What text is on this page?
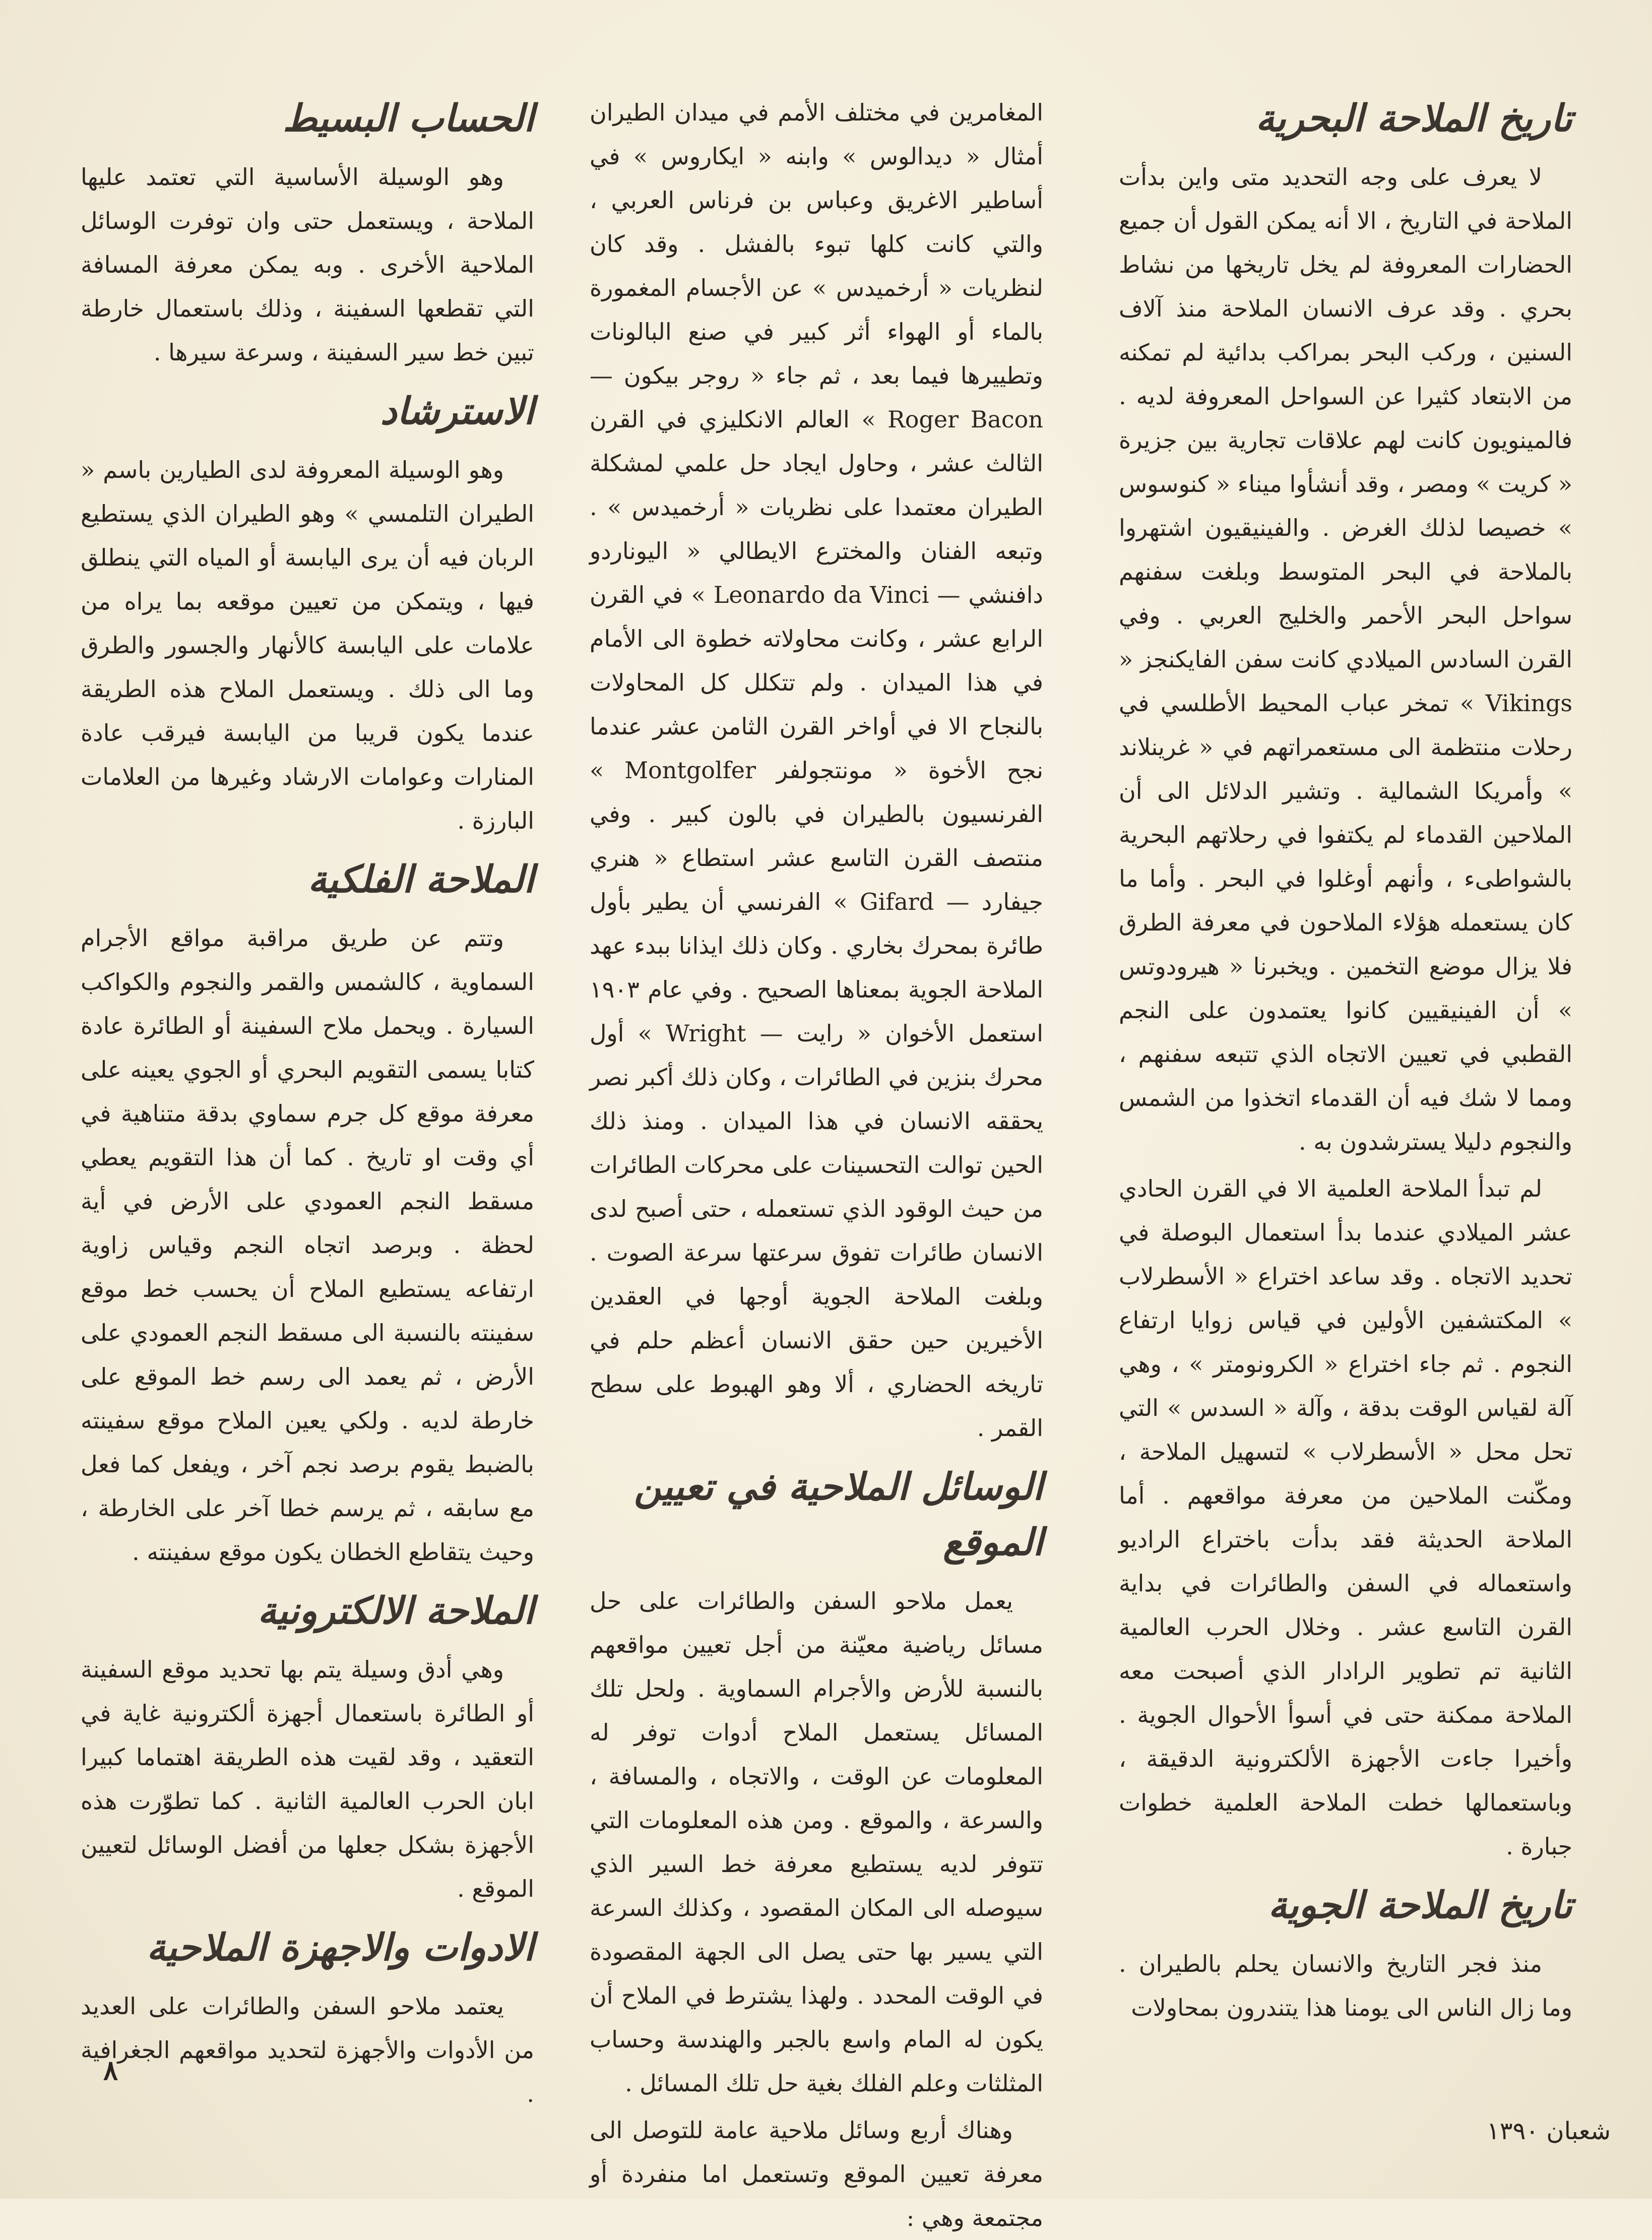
تاريخ الملاحة البحرية

لا يعرف على وجه التحديد متى واين بدأت الملاحة في التاريخ ، الا أنه يمكن القول أن جميع الحضارات المعروفة لم يخل تاريخها من نشاط بحري . وقد عرف الانسان الملاحة منذ آلاف السنين ، وركب البحر بمراكب بدائية لم تمكنه من الابتعاد كثيرا عن السواحل المعروفة لديه . فالمينويون كانت لهم علاقات تجارية بين جزيرة « كريت » ومصر ، وقد أنشأوا ميناء « كنوسوس » خصيصا لذلك الغرض . والفينيقيون اشتهروا بالملاحة في البحر المتوسط وبلغت سفنهم سواحل البحر الأحمر والخليج العربي . وفي القرن السادس الميلادي كانت سفن الفايكنجز « Vikings » تمخر عباب المحيط الأطلسي في رحلات منتظمة الى مستعمراتهم في « غرينلاند » وأمريكا الشمالية . وتشير الدلائل الى أن الملاحين القدماء لم يكتفوا في رحلاتهم البحرية بالشواطىء ، وأنهم أوغلوا في البحر . وأما ما كان يستعمله هؤلاء الملاحون في معرفة الطرق فلا يزال موضع التخمين . ويخبرنا « هيرودوتس » أن الفينيقيين كانوا يعتمدون على النجم القطبي في تعيين الاتجاه الذي تتبعه سفنهم ، ومما لا شك فيه أن القدماء اتخذوا من الشمس والنجوم دليلا يسترشدون به .

لم تبدأ الملاحة العلمية الا في القرن الحادي عشر الميلادي عندما بدأ استعمال البوصلة في تحديد الاتجاه . وقد ساعد اختراع « الأسطرلاب » المكتشفين الأولين في قياس زوايا ارتفاع النجوم . ثم جاء اختراع « الكرونومتر » ، وهي آلة لقياس الوقت بدقة ، وآلة « السدس » التي تحل محل « الأسطرلاب » لتسهيل الملاحة ، ومكّنت الملاحين من معرفة مواقعهم . أما الملاحة الحديثة فقد بدأت باختراع الراديو واستعماله في السفن والطائرات في بداية القرن التاسع عشر . وخلال الحرب العالمية الثانية تم تطوير الرادار الذي أصبحت معه الملاحة ممكنة حتى في أسوأ الأحوال الجوية . وأخيرا جاءت الأجهزة الألكترونية الدقيقة ، وباستعمالها خطت الملاحة العلمية خطوات جبارة .

تاريخ الملاحة الجوية

منذ فجر التاريخ والانسان يحلم بالطيران . وما زال الناس الى يومنا هذا يتندرون بمحاولات

المغامرين في مختلف الأمم في ميدان الطيران أمثال « ديدالوس » وابنه « ايكاروس » في أساطير الاغريق وعباس بن فرناس العربي ، والتي كانت كلها تبوء بالفشل . وقد كان لنظريات « أرخميدس » عن الأجسام المغمورة بالماء أو الهواء أثر كبير في صنع البالونات وتطييرها فيما بعد ، ثم جاء « روجر بيكون — Roger Bacon » العالم الانكليزي في القرن الثالث عشر ، وحاول ايجاد حل علمي لمشكلة الطيران معتمدا على نظريات « أرخميدس » . وتبعه الفنان والمخترع الايطالي « اليوناردو دافنشي — Leonardo da Vinci » في القرن الرابع عشر ، وكانت محاولاته خطوة الى الأمام في هذا الميدان . ولم تتكلل كل المحاولات بالنجاح الا في أواخر القرن الثامن عشر عندما نجح الأخوة « مونتجولفر Montgolfer » الفرنسيون بالطيران في بالون كبير . وفي منتصف القرن التاسع عشر استطاع « هنري جيفارد — Gifard » الفرنسي أن يطير بأول طائرة بمحرك بخاري . وكان ذلك ايذانا ببدء عهد الملاحة الجوية بمعناها الصحيح . وفي عام ١٩٠٣ استعمل الأخوان « رايت — Wright » أول محرك بنزين في الطائرات ، وكان ذلك أكبر نصر يحققه الانسان في هذا الميدان . ومنذ ذلك الحين توالت التحسينات على محركات الطائرات من حيث الوقود الذي تستعمله ، حتى أصبح لدى الانسان طائرات تفوق سرعتها سرعة الصوت . وبلغت الملاحة الجوية أوجها في العقدين الأخيرين حين حقق الانسان أعظم حلم في تاريخه الحضاري ، ألا وهو الهبوط على سطح القمر .

الوسائل الملاحية في تعيين الموقع

يعمل ملاحو السفن والطائرات على حل مسائل رياضية معيّنة من أجل تعيين مواقعهم بالنسبة للأرض والأجرام السماوية . ولحل تلك المسائل يستعمل الملاح أدوات توفر له المعلومات عن الوقت ، والاتجاه ، والمسافة ، والسرعة ، والموقع . ومن هذه المعلومات التي تتوفر لديه يستطيع معرفة خط السير الذي سيوصله الى المكان المقصود ، وكذلك السرعة التي يسير بها حتى يصل الى الجهة المقصودة في الوقت المحدد . ولهذا يشترط في الملاح أن يكون له المام واسع بالجبر والهندسة وحساب المثلثات وعلم الفلك بغية حل تلك المسائل .

وهناك أربع وسائل ملاحية عامة للتوصل الى معرفة تعيين الموقع وتستعمل اما منفردة أو مجتمعة وهي :

الحساب البسيط

وهو الوسيلة الأساسية التي تعتمد عليها الملاحة ، ويستعمل حتى وان توفرت الوسائل الملاحية الأخرى . وبه يمكن معرفة المسافة التي تقطعها السفينة ، وذلك باستعمال خارطة تبين خط سير السفينة ، وسرعة سيرها .

الاسترشاد

وهو الوسيلة المعروفة لدى الطيارين باسم « الطيران التلمسي » وهو الطيران الذي يستطيع الربان فيه أن يرى اليابسة أو المياه التي ينطلق فيها ، ويتمكن من تعيين موقعه بما يراه من علامات على اليابسة كالأنهار والجسور والطرق وما الى ذلك . ويستعمل الملاح هذه الطريقة عندما يكون قريبا من اليابسة فيرقب عادة المنارات وعوامات الارشاد وغيرها من العلامات البارزة .

الملاحة الفلكية

وتتم عن طريق مراقبة مواقع الأجرام السماوية ، كالشمس والقمر والنجوم والكواكب السيارة . ويحمل ملاح السفينة أو الطائرة عادة كتابا يسمى التقويم البحري أو الجوي يعينه على معرفة موقع كل جرم سماوي بدقة متناهية في أي وقت او تاريخ . كما أن هذا التقويم يعطي مسقط النجم العمودي على الأرض في أية لحظة . وبرصد اتجاه النجم وقياس زاوية ارتفاعه يستطيع الملاح أن يحسب خط موقع سفينته بالنسبة الى مسقط النجم العمودي على الأرض ، ثم يعمد الى رسم خط الموقع على خارطة لديه . ولكي يعين الملاح موقع سفينته بالضبط يقوم برصد نجم آخر ، ويفعل كما فعل مع سابقه ، ثم يرسم خطا آخر على الخارطة ، وحيث يتقاطع الخطان يكون موقع سفينته .

الملاحة الالكترونية

وهي أدق وسيلة يتم بها تحديد موقع السفينة أو الطائرة باستعمال أجهزة ألكترونية غاية في التعقيد ، وقد لقيت هذه الطريقة اهتماما كبيرا ابان الحرب العالمية الثانية . كما تطوّرت هذه الأجهزة بشكل جعلها من أفضل الوسائل لتعيين الموقع .

الادوات والاجهزة الملاحية

يعتمد ملاحو السفن والطائرات على العديد من الأدوات والأجهزة لتحديد مواقعهم الجغرافية .

٨
شعبان ١٣٩٠
